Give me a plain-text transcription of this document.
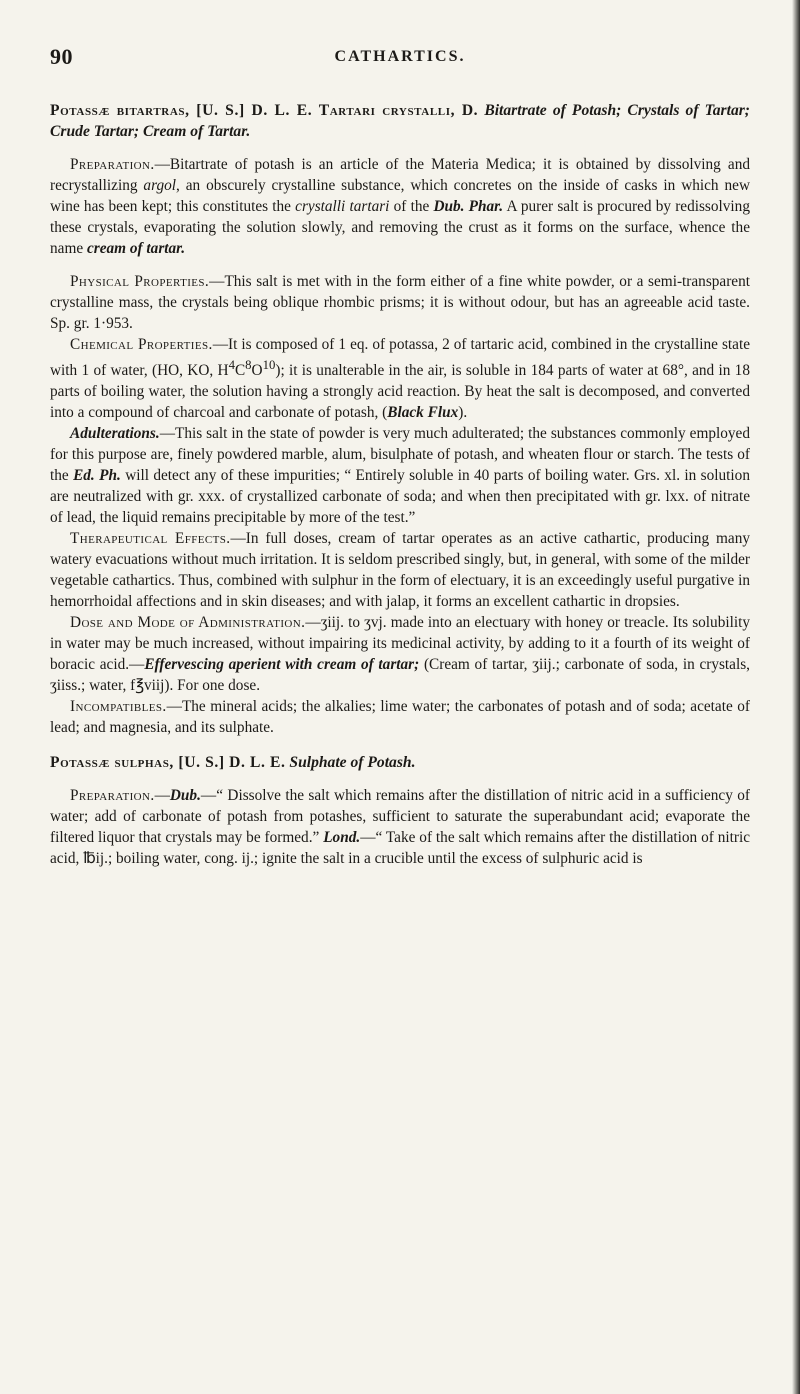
90	CATHARTICS.
Potassæ bitartras, [U. S.] D. L. E. Tartari crystalli, D. Bitartrate of Potash; Crystals of Tartar; Crude Tartar; Cream of Tartar.

Preparation.—Bitartrate of potash is an article of the Materia Medica; it is obtained by dissolving and recrystallizing argol, an obscurely crystalline substance, which concretes on the inside of casks in which new wine has been kept; this constitutes the crystalli tartari of the Dub. Phar. A purer salt is procured by redissolving these crystals, evaporating the solution slowly, and removing the crust as it forms on the surface, whence the name cream of tartar.

Physical Properties.—This salt is met with in the form either of a fine white powder, or a semi-transparent crystalline mass, the crystals being oblique rhombic prisms; it is without odour, but has an agreeable acid taste. Sp. gr. 1·953.

Chemical Properties.—It is composed of 1 eq. of potassa, 2 of tartaric acid, combined in the crystalline state with 1 of water, (HO, KO, $H^4C^8O^{10}$); it is unalterable in the air, is soluble in 184 parts of water at 68°, and in 18 parts of boiling water, the solution having a strongly acid reaction. By heat the salt is decomposed, and converted into a compound of charcoal and carbonate of potash, (Black Flux).

Adulterations.—This salt in the state of powder is very much adulterated; the substances commonly employed for this purpose are, finely powdered marble, alum, bisulphate of potash, and wheaten flour or starch. The tests of the Ed. Ph. will detect any of these impurities; “ Entirely soluble in 40 parts of boiling water. Grs. xl. in solution are neutralized with gr. xxx. of crystallized carbonate of soda; and when then precipitated with gr. lxx. of nitrate of lead, the liquid remains precipitable by more of the test.”

Therapeutical Effects.—In full doses, cream of tartar operates as an active cathartic, producing many watery evacuations without much irritation. It is seldom prescribed singly, but, in general, with some of the milder vegetable cathartics. Thus, combined with sulphur in the form of electuary, it is an exceedingly useful purgative in hemorrhoidal affections and in skin diseases; and with jalap, it forms an excellent cathartic in dropsies.

Dose and Mode of Administration.—ʒiij. to ʒvj. made into an electuary with honey or treacle. Its solubility in water may be much increased, without impairing its medicinal activity, by adding to it a fourth of its weight of boracic acid.—Effervescing aperient with cream of tartar; (Cream of tartar, ʒiij.; carbonate of soda, in crystals, ʒiiss.; water, f℥viij). For one dose.

Incompatibles.—The mineral acids; the alkalies; lime water; the carbonates of potash and of soda; acetate of lead; and magnesia, and its sulphate.

Potassæ sulphas, [U. S.] D. L. E. Sulphate of Potash.

Preparation.—Dub.—“ Dissolve the salt which remains after the distillation of nitric acid in a sufficiency of water; add of carbonate of potash from potashes, sufficient to saturate the superabundant acid; evaporate the filtered liquor that crystals may be formed.” Lond.—“ Take of the salt which remains after the distillation of nitric acid, ℔ij.; boiling water, cong. ij.; ignite the salt in a crucible until the excess of sulphuric acid is
